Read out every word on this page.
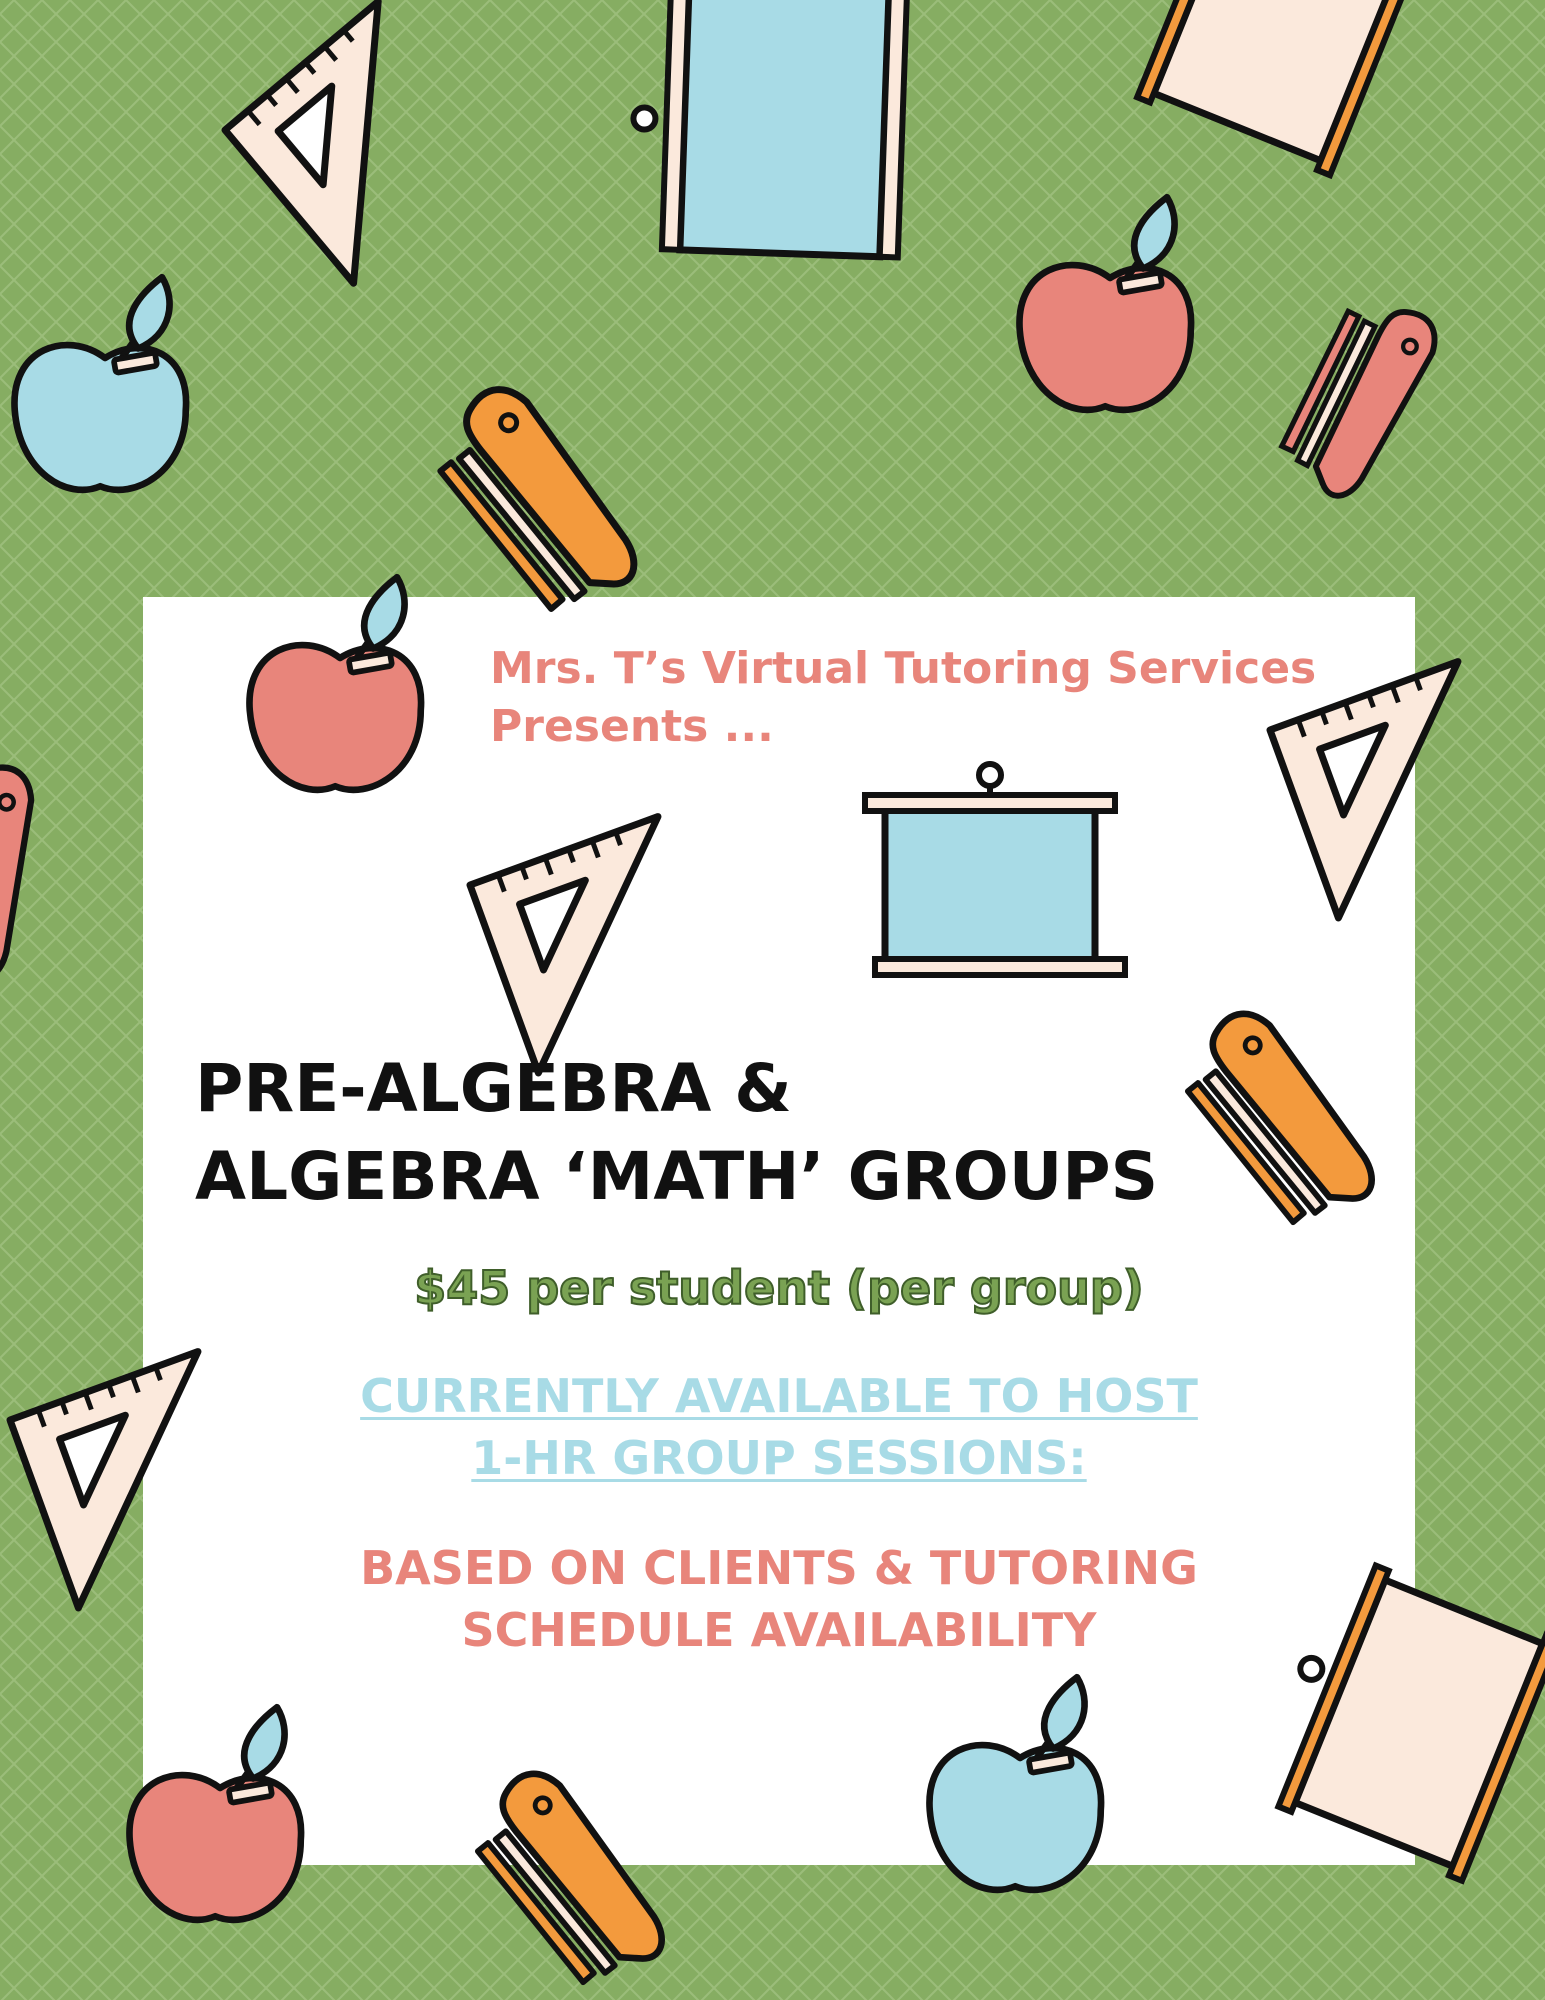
Mrs. T’s Virtual Tutoring Services
Presents ...
PRE-ALGEBRA &
ALGEBRA ‘MATH’ GROUPS
$45 per student (per group)
CURRENTLY AVAILABLE TO HOST
1-HR GROUP SESSIONS:
BASED ON CLIENTS & TUTORING
SCHEDULE AVAILABILITY
